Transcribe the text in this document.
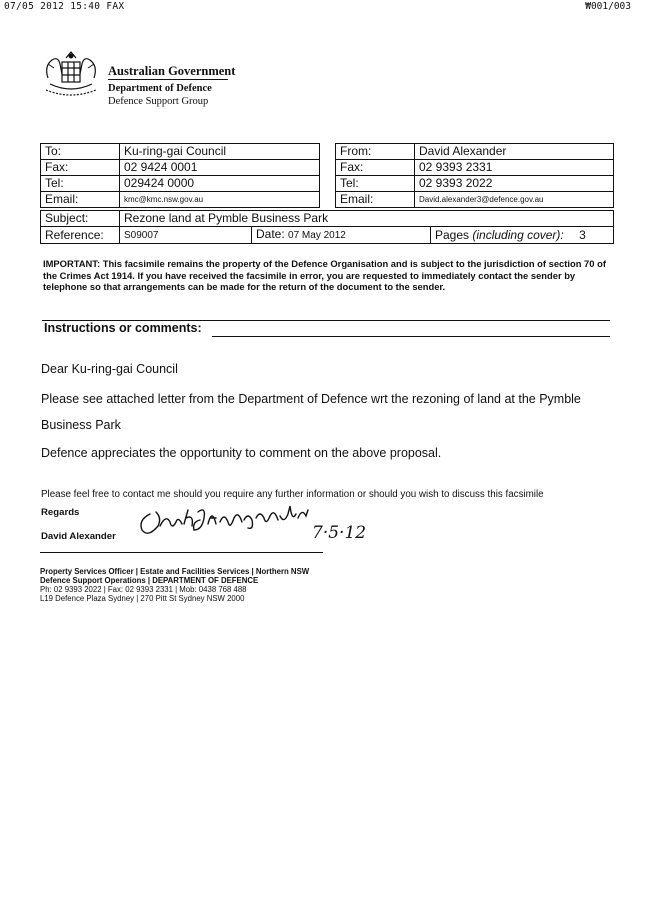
07/05 2012 15:40 FAX	₩001/003
Australian Government
Department of Defence
Defence Support Group
To:	Ku-ring-gai Council
Fax:	02 9424 0001
Tel:	029424 0000
Email:	kmc@kmc.nsw.gov.au
From:	David Alexander
Fax:	02 9393 2331
Tel:	02 9393 2022
Email:	David.alexander3@defence.gov.au
Subject:	Rezone land at Pymble Business Park		
Reference:	S09007	Date: 07 May 2012	Pages (including cover): 3
IMPORTANT: This facsimile remains the property of the Defence Organisation and is subject to the jurisdiction of section 70 of the Crimes Act 1914. If you have received the facsimile in error, you are requested to immediately contact the sender by telephone so that arrangements can be made for the return of the document to the sender.
Instructions or comments:
Dear Ku-ring-gai Council
Please see attached letter from the Department of Defence wrt the rezoning of land at the Pymble
Business Park
Defence appreciates the opportunity to comment on the above proposal.
Please feel free to contact me should you require any further information or should you wish to discuss this facsimile
Regards
David Alexander	7·5·12
Property Services Officer | Estate and Facilities Services | Northern NSW
Defence Support Operations | DEPARTMENT OF DEFENCE
Ph: 02 9393 2022 | Fax: 02 9393 2331 | Mob: 0438 768 488
L19 Defence Plaza Sydney | 270 Pitt St Sydney NSW 2000
